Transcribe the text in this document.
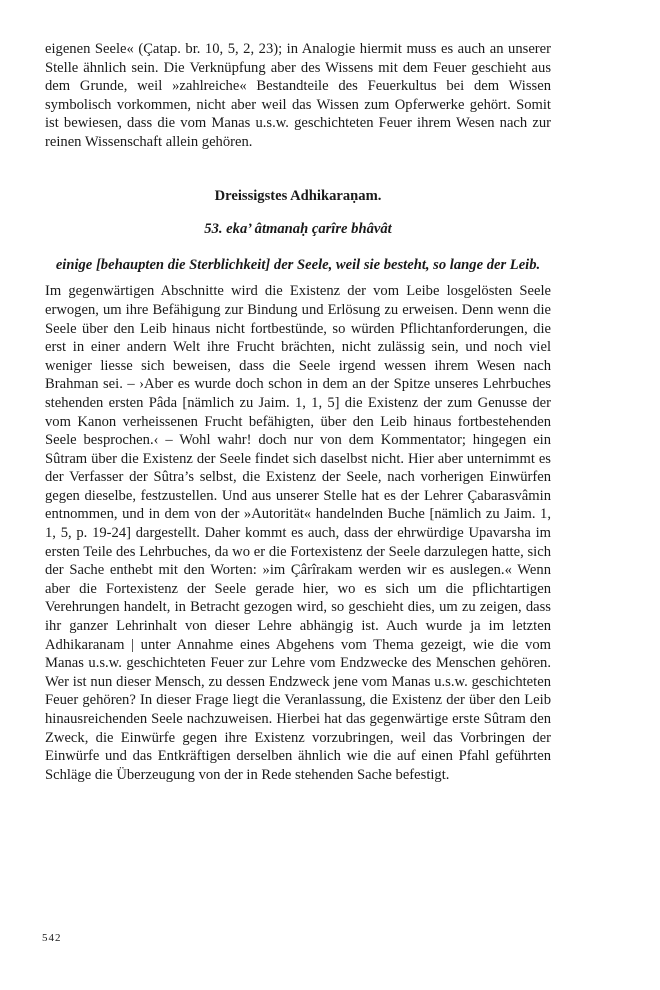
eigenen Seele« (Çatap. br. 10, 5, 2, 23); in Analogie hiermit muss es auch an unserer Stelle ähnlich sein. Die Verknüpfung aber des Wissens mit dem Feuer geschieht aus dem Grunde, weil »zahlreiche« Bestandteile des Feuerkultus bei dem Wissen symbolisch vorkommen, nicht aber weil das Wissen zum Opferwerke gehört. Somit ist bewiesen, dass die vom Manas u.s.w. geschichteten Feuer ihrem Wesen nach zur reinen Wissenschaft allein gehören.

Dreissigstes Adhikaraṇam.
53. eka’ âtmanaḥ çarîre bhâvât
einige [behaupten die Sterblichkeit] der Seele, weil sie besteht, so lange der Leib.

Im gegenwärtigen Abschnitte wird die Existenz der vom Leibe losgelösten Seele erwogen, um ihre Befähigung zur Bindung und Erlösung zu erweisen. Denn wenn die Seele über den Leib hinaus nicht fortbestünde, so würden Pflichtanforderungen, die erst in einer andern Welt ihre Frucht brächten, nicht zulässig sein, und noch viel weniger liesse sich beweisen, dass die Seele irgend wessen ihrem Wesen nach Brahman sei. – ›Aber es wurde doch schon in dem an der Spitze unseres Lehrbuches stehenden ersten Pâda [nämlich zu Jaim. 1, 1, 5] die Existenz der zum Genusse der vom Kanon verheissenen Frucht befähigten, über den Leib hinaus fortbestehenden Seele besprochen.‹ – Wohl wahr! doch nur von dem Kommentator; hingegen ein Sûtram über die Existenz der Seele findet sich daselbst nicht. Hier aber unternimmt es der Verfasser der Sûtra’s selbst, die Existenz der Seele, nach vorherigen Einwürfen gegen dieselbe, festzustellen. Und aus unserer Stelle hat es der Lehrer Çabarasvâmin entnommen, und in dem von der »Autorität« handelnden Buche [nämlich zu Jaim. 1, 1, 5, p. 19-24] dargestellt. Daher kommt es auch, dass der ehrwürdige Upavarsha im ersten Teile des Lehrbuches, da wo er die Fortexistenz der Seele darzulegen hatte, sich der Sache enthebt mit den Worten: »im Çârîrakam werden wir es auslegen.« Wenn aber die Fortexistenz der Seele gerade hier, wo es sich um die pflichtartigen Verehrungen handelt, in Betracht gezogen wird, so geschieht dies, um zu zeigen, dass ihr ganzer Lehrinhalt von dieser Lehre abhängig ist. Auch wurde ja im letzten Adhikaranam | unter Annahme eines Abgehens vom Thema gezeigt, wie die vom Manas u.s.w. geschichteten Feuer zur Lehre vom Endzwecke des Menschen gehören. Wer ist nun dieser Mensch, zu dessen Endzweck jene vom Manas u.s.w. geschichteten Feuer gehören? In dieser Frage liegt die Veranlassung, die Existenz der über den Leib hinausreichenden Seele nachzuweisen. Hierbei hat das gegenwärtige erste Sûtram den Zweck, die Einwürfe gegen ihre Existenz vorzubringen, weil das Vorbringen der Einwürfe und das Entkräftigen derselben ähnlich wie die auf einen Pfahl geführten Schläge die Überzeugung von der in Rede stehenden Sache befestigt.

542
